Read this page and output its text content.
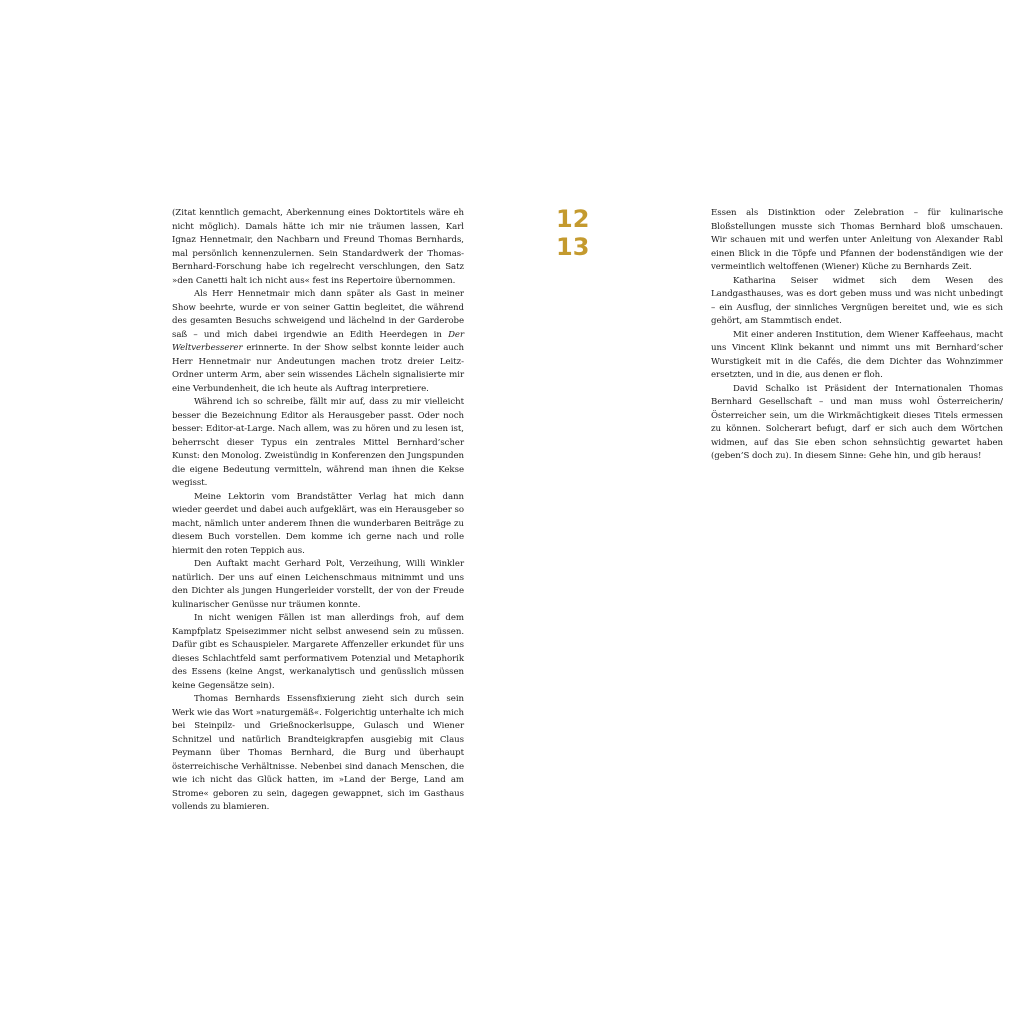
(Zitat kenntlich gemacht, Aberkennung eines Doktortitels wäre eh nicht möglich). Damals hätte ich mir nie träumen lassen, Karl Ignaz Hennetmair, den Nachbarn und Freund Thomas Bernhards, mal persönlich kennenzulernen. Sein Standardwerk der Thomas-Bernhard-Forschung habe ich regelrecht verschlungen, den Satz »den Canetti halt ich nicht aus« fest ins Repertoire übernommen.

Als Herr Hennetmair mich dann später als Gast in meiner Show beehrte, wurde er von seiner Gattin begleitet, die während des gesamten Besuchs schweigend und lächelnd in der Garderobe saß – und mich dabei irgendwie an Edith Heerdegen in Der Weltverbesserer erinnerte. In der Show selbst konnte leider auch Herr Hennetmair nur Andeutungen machen trotz dreier Leitz-Ordner unterm Arm, aber sein wissendes Lächeln signalisierte mir eine Verbundenheit, die ich heute als Auftrag interpretiere.

Während ich so schreibe, fällt mir auf, dass zu mir vielleicht besser die Bezeichnung Editor als Herausgeber passt. Oder noch besser: Editor-at-Large. Nach allem, was zu hören und zu lesen ist, beherrscht dieser Typus ein zentrales Mittel Bernhard’scher Kunst: den Monolog. Zweistündig in Konferenzen den Jungspunden die eigene Bedeutung vermitteln, während man ihnen die Kekse wegisst.

Meine Lektorin vom Brandstätter Verlag hat mich dann wieder geerdet und dabei auch aufgeklärt, was ein Herausgeber so macht, nämlich unter anderem Ihnen die wunderbaren Beiträge zu diesem Buch vorstellen. Dem komme ich gerne nach und rolle hiermit den roten Teppich aus.

Den Auftakt macht Gerhard Polt, Verzeihung, Willi Winkler natürlich. Der uns auf einen Leichenschmaus mitnimmt und uns den Dichter als jungen Hungerleider vorstellt, der von der Freude kulinarischer Genüsse nur träumen konnte.

In nicht wenigen Fällen ist man allerdings froh, auf dem Kampfplatz Speisezimmer nicht selbst anwesend sein zu müssen. Dafür gibt es Schauspieler. Margarete Affenzeller erkundet für uns dieses Schlachtfeld samt performativem Potenzial und Metaphorik des Essens (keine Angst, werkanalytisch und genüsslich müssen keine Gegensätze sein).

Thomas Bernhards Essensfixierung zieht sich durch sein Werk wie das Wort »naturgemäß«. Folgerichtig unterhalte ich mich bei Steinpilz- und Grießnockerlsuppe, Gulasch und Wiener Schnitzel und natürlich Brandteigkrapfen ausgiebig mit Claus Peymann über Thomas Bernhard, die Burg und überhaupt österreichische Verhältnisse. Nebenbei sind danach Menschen, die wie ich nicht das Glück hatten, im »Land der Berge, Land am Strome« geboren zu sein, dagegen gewappnet, sich im Gasthaus vollends zu blamieren.

12
13

Essen als Distinktion oder Zelebration – für kulinarische Bloßstellungen musste sich Thomas Bernhard bloß umschauen. Wir schauen mit und werfen unter Anleitung von Alexander Rabl einen Blick in die Töpfe und Pfannen der bodenständigen wie der vermeintlich weltoffenen (Wiener) Küche zu Bernhards Zeit.

Katharina Seiser widmet sich dem Wesen des Landgasthauses, was es dort geben muss und was nicht unbedingt – ein Ausflug, der sinnliches Vergnügen bereitet und, wie es sich gehört, am Stammtisch endet.

Mit einer anderen Institution, dem Wiener Kaffeehaus, macht uns Vincent Klink bekannt und nimmt uns mit Bernhard’scher Wurstigkeit mit in die Cafés, die dem Dichter das Wohnzimmer ersetzten, und in die, aus denen er floh.

David Schalko ist Präsident der Internationalen Thomas Bernhard Gesellschaft – und man muss wohl Österreicherin/Österreicher sein, um die Wirkmächtigkeit dieses Titels ermessen zu können. Solcherart befugt, darf er sich auch dem Wörtchen widmen, auf das Sie eben schon sehnsüchtig gewartet haben (geben’S doch zu). In diesem Sinne: Gehe hin, und gib heraus!
